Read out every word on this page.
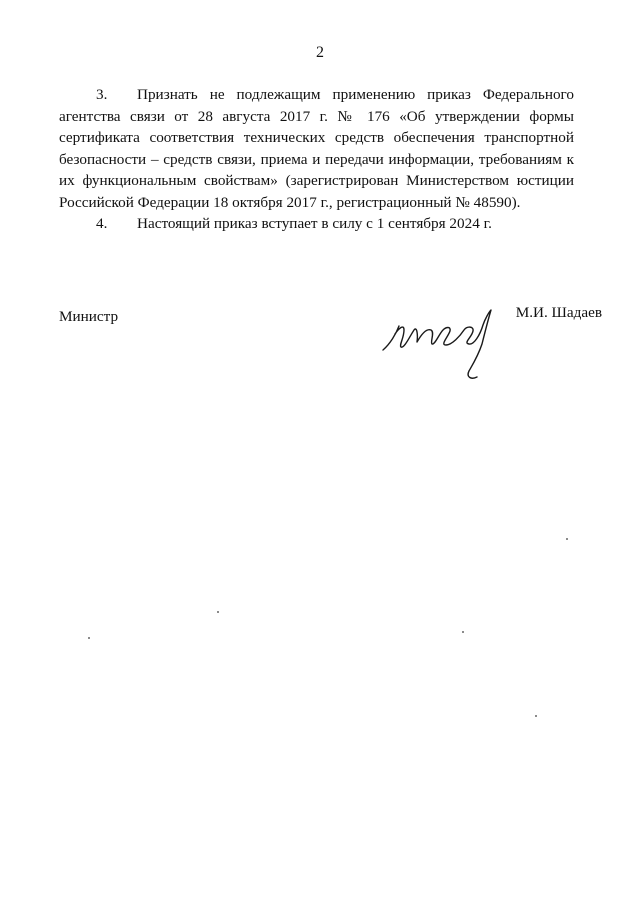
2

3. Признать не подлежащим применению приказ Федерального агентства связи от 28 августа 2017 г. № 176 «Об утверждении формы сертификата соответствия технических средств обеспечения транспортной безопасности – средств связи, приема и передачи информации, требованиям к их функциональным свойствам» (зарегистрирован Министерством юстиции Российской Федерации 18 октября 2017 г., регистрационный № 48590).

4. Настоящий приказ вступает в силу с 1 сентября 2024 г.

Министр	М.И. Шадаев
